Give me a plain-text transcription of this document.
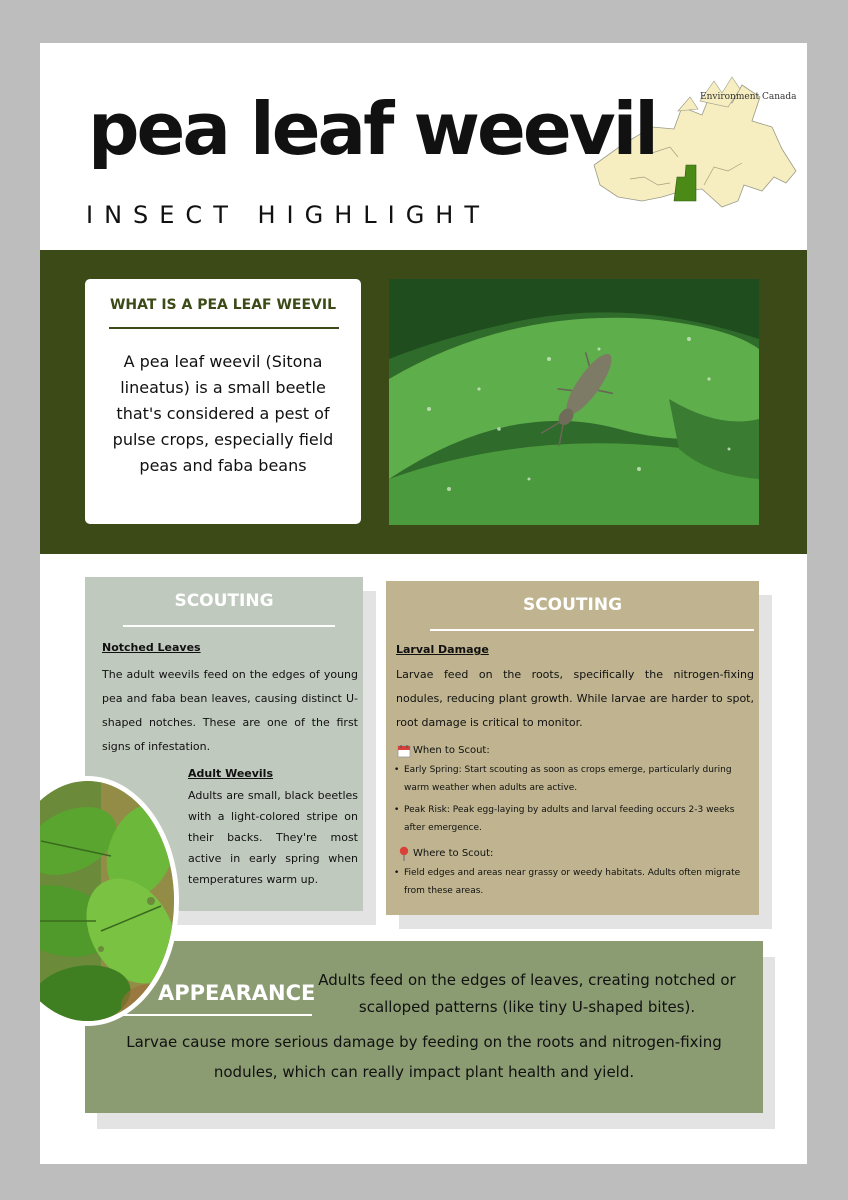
Environment Canada
pea leaf weevil
INSECT HIGHLIGHT
WHAT IS A PEA LEAF WEEVIL
A pea leaf weevil (Sitona lineatus) is a small beetle that's considered a pest of pulse crops, especially field peas and faba beans
SCOUTING
Notched Leaves
The adult weevils feed on the edges of young pea and faba bean leaves, causing distinct U-shaped notches. These are one of the first signs of infestation.
Adult Weevils
Adults are small, black beetles with a light-colored stripe on their backs. They're most active in early spring when temperatures warm up.
SCOUTING
Larval Damage
Larvae feed on the roots, specifically the nitrogen-fixing nodules, reducing plant growth. While larvae are harder to spot, root damage is critical to monitor.
When to Scout:
• Early Spring: Start scouting as soon as crops emerge, particularly during warm weather when adults are active.
• Peak Risk: Peak egg-laying by adults and larval feeding occurs 2-3 weeks after emergence.
Where to Scout:
• Field edges and areas near grassy or weedy habitats. Adults often migrate from these areas.
APPEARANCE
Adults feed on the edges of leaves, creating notched or scalloped patterns (like tiny U-shaped bites).
Larvae cause more serious damage by feeding on the roots and nitrogen-fixing nodules, which can really impact plant health and yield.
